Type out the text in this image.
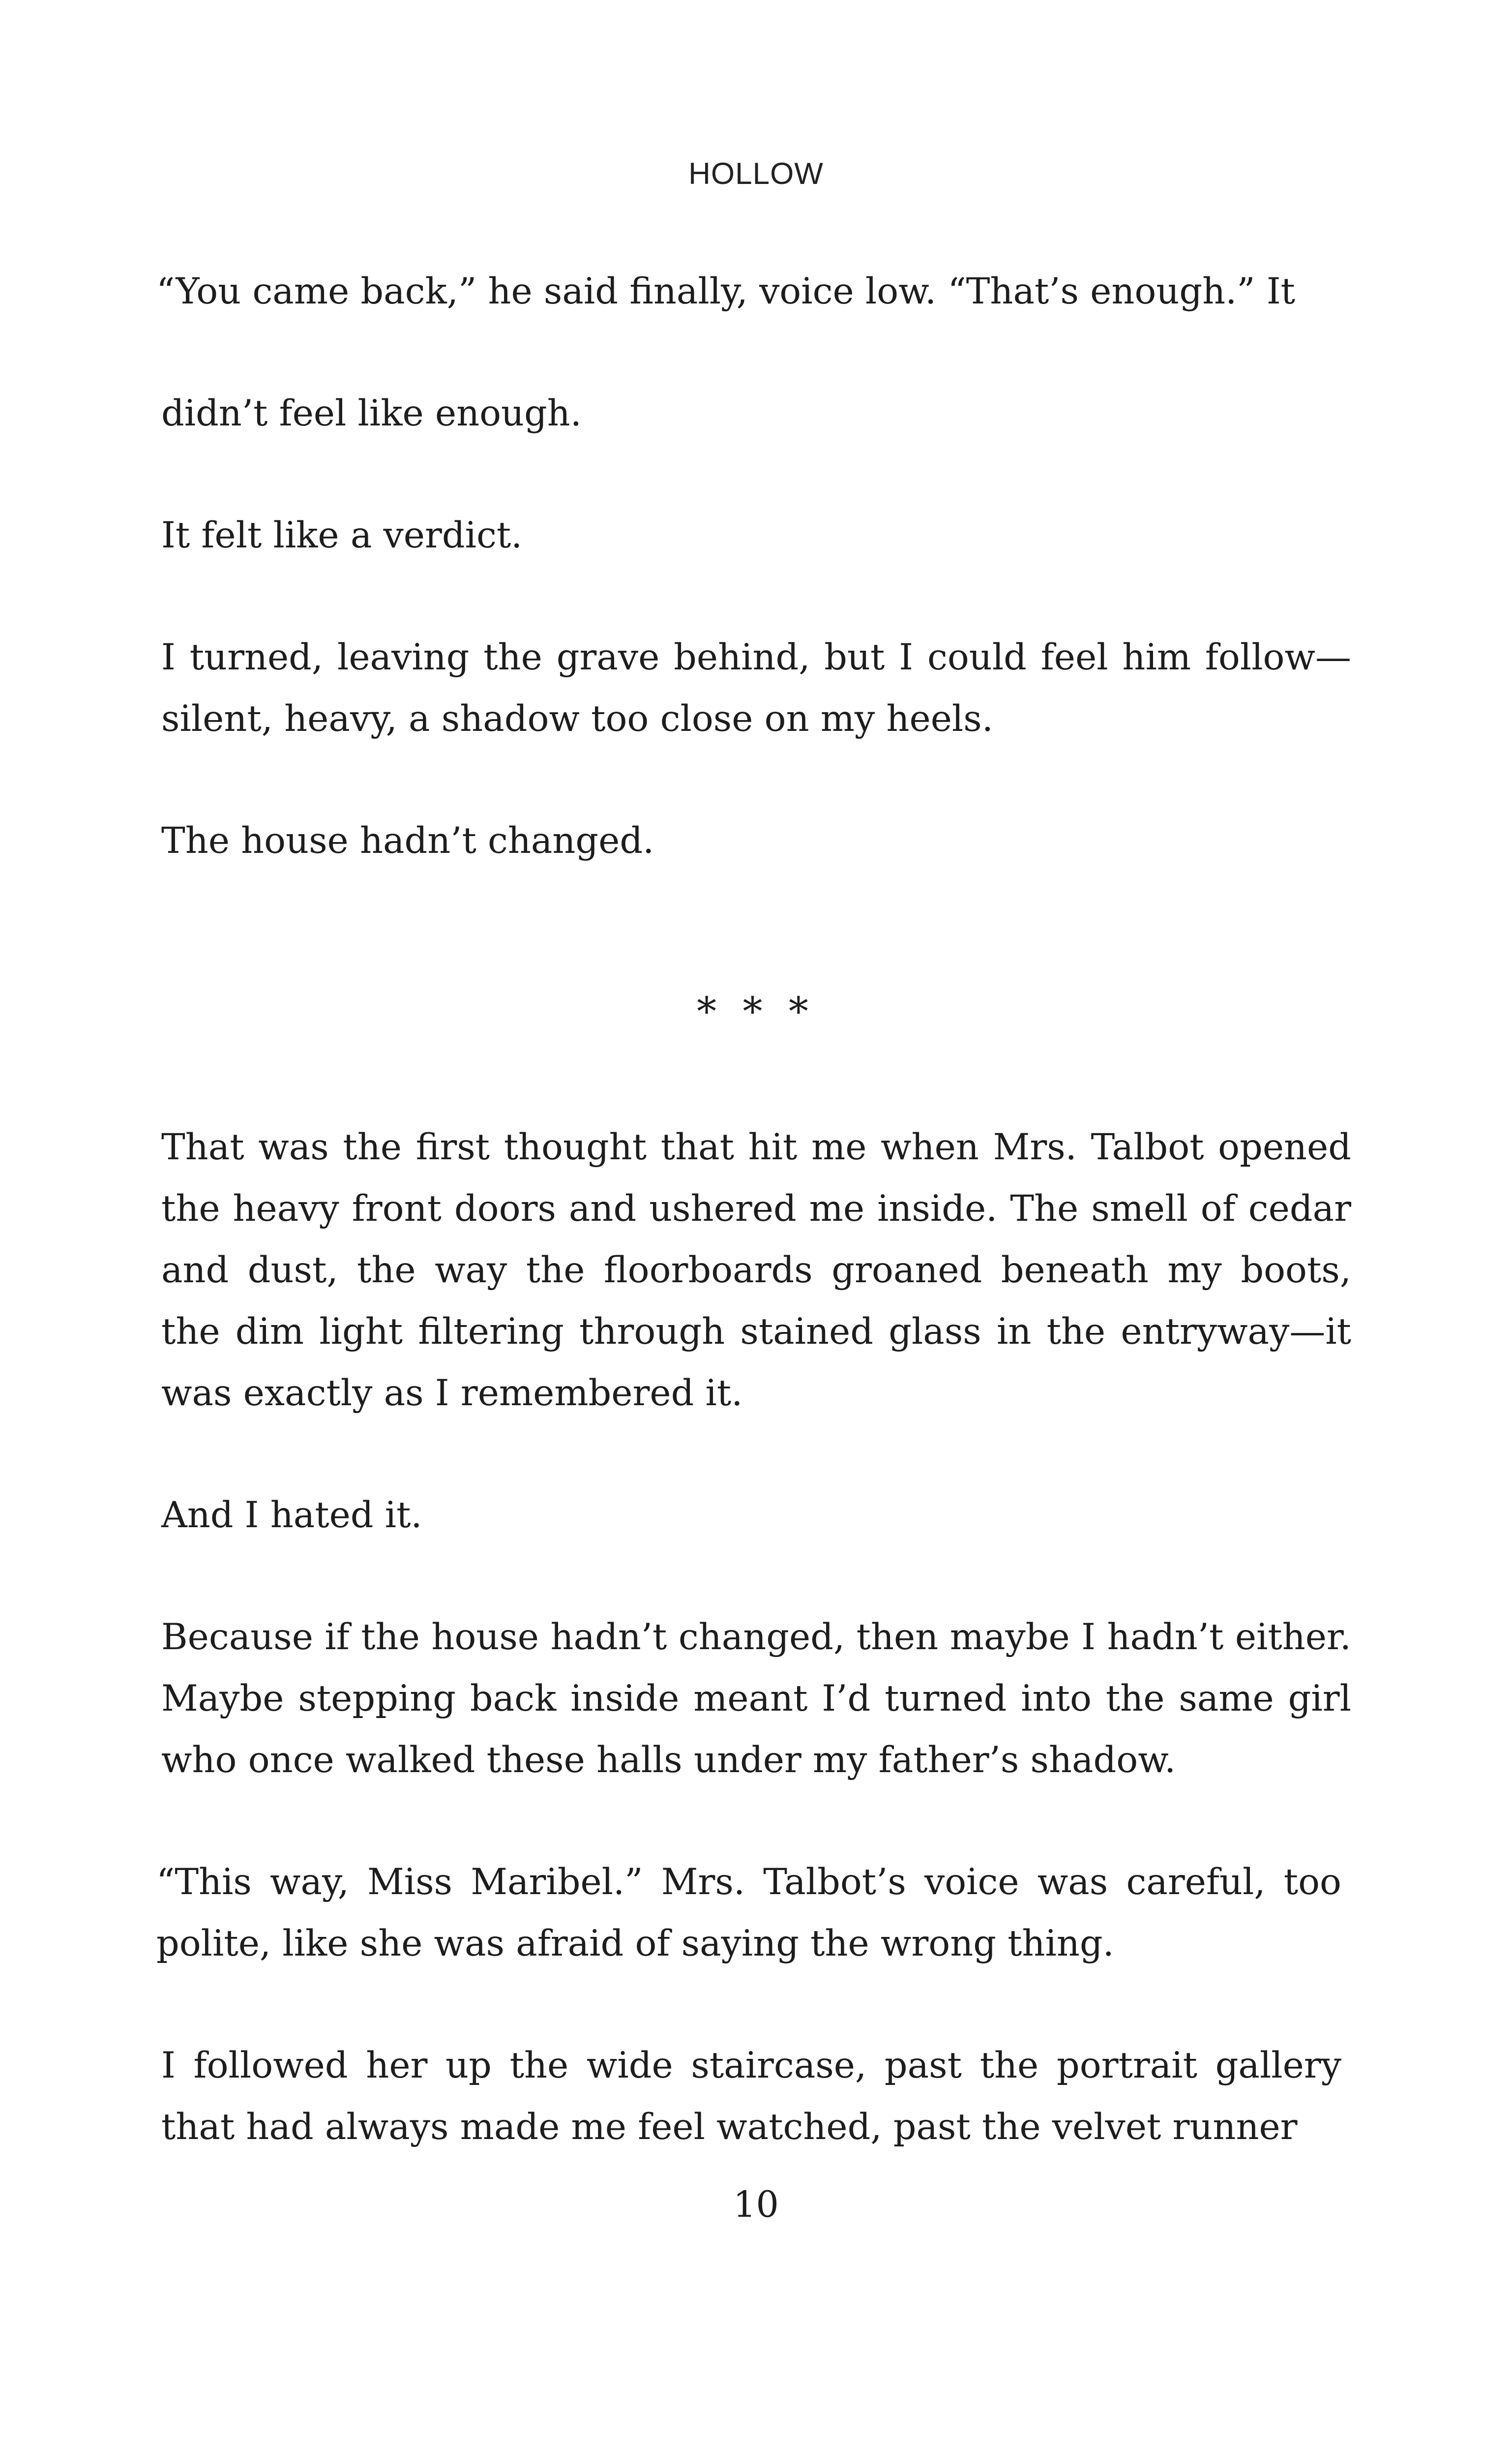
HOLLOW

“You came back,” he said finally, voice low. “That’s enough.” It

didn’t feel like enough.

It felt like a verdict.

I turned, leaving the grave behind, but I could feel him follow—silent, heavy, a shadow too close on my heels.

The house hadn’t changed.

* * *

That was the first thought that hit me when Mrs. Talbot opened the heavy front doors and ushered me inside. The smell of cedar and dust, the way the floorboards groaned beneath my boots, the dim light filtering through stained glass in the entryway—it was exactly as I remembered it.

And I hated it.

Because if the house hadn’t changed, then maybe I hadn’t either. Maybe stepping back inside meant I’d turned into the same girl who once walked these halls under my father’s shadow.

“This way, Miss Maribel.” Mrs. Talbot’s voice was careful, too polite, like she was afraid of saying the wrong thing.

I followed her up the wide staircase, past the portrait gallery that had always made me feel watched, past the velvet runner

10
